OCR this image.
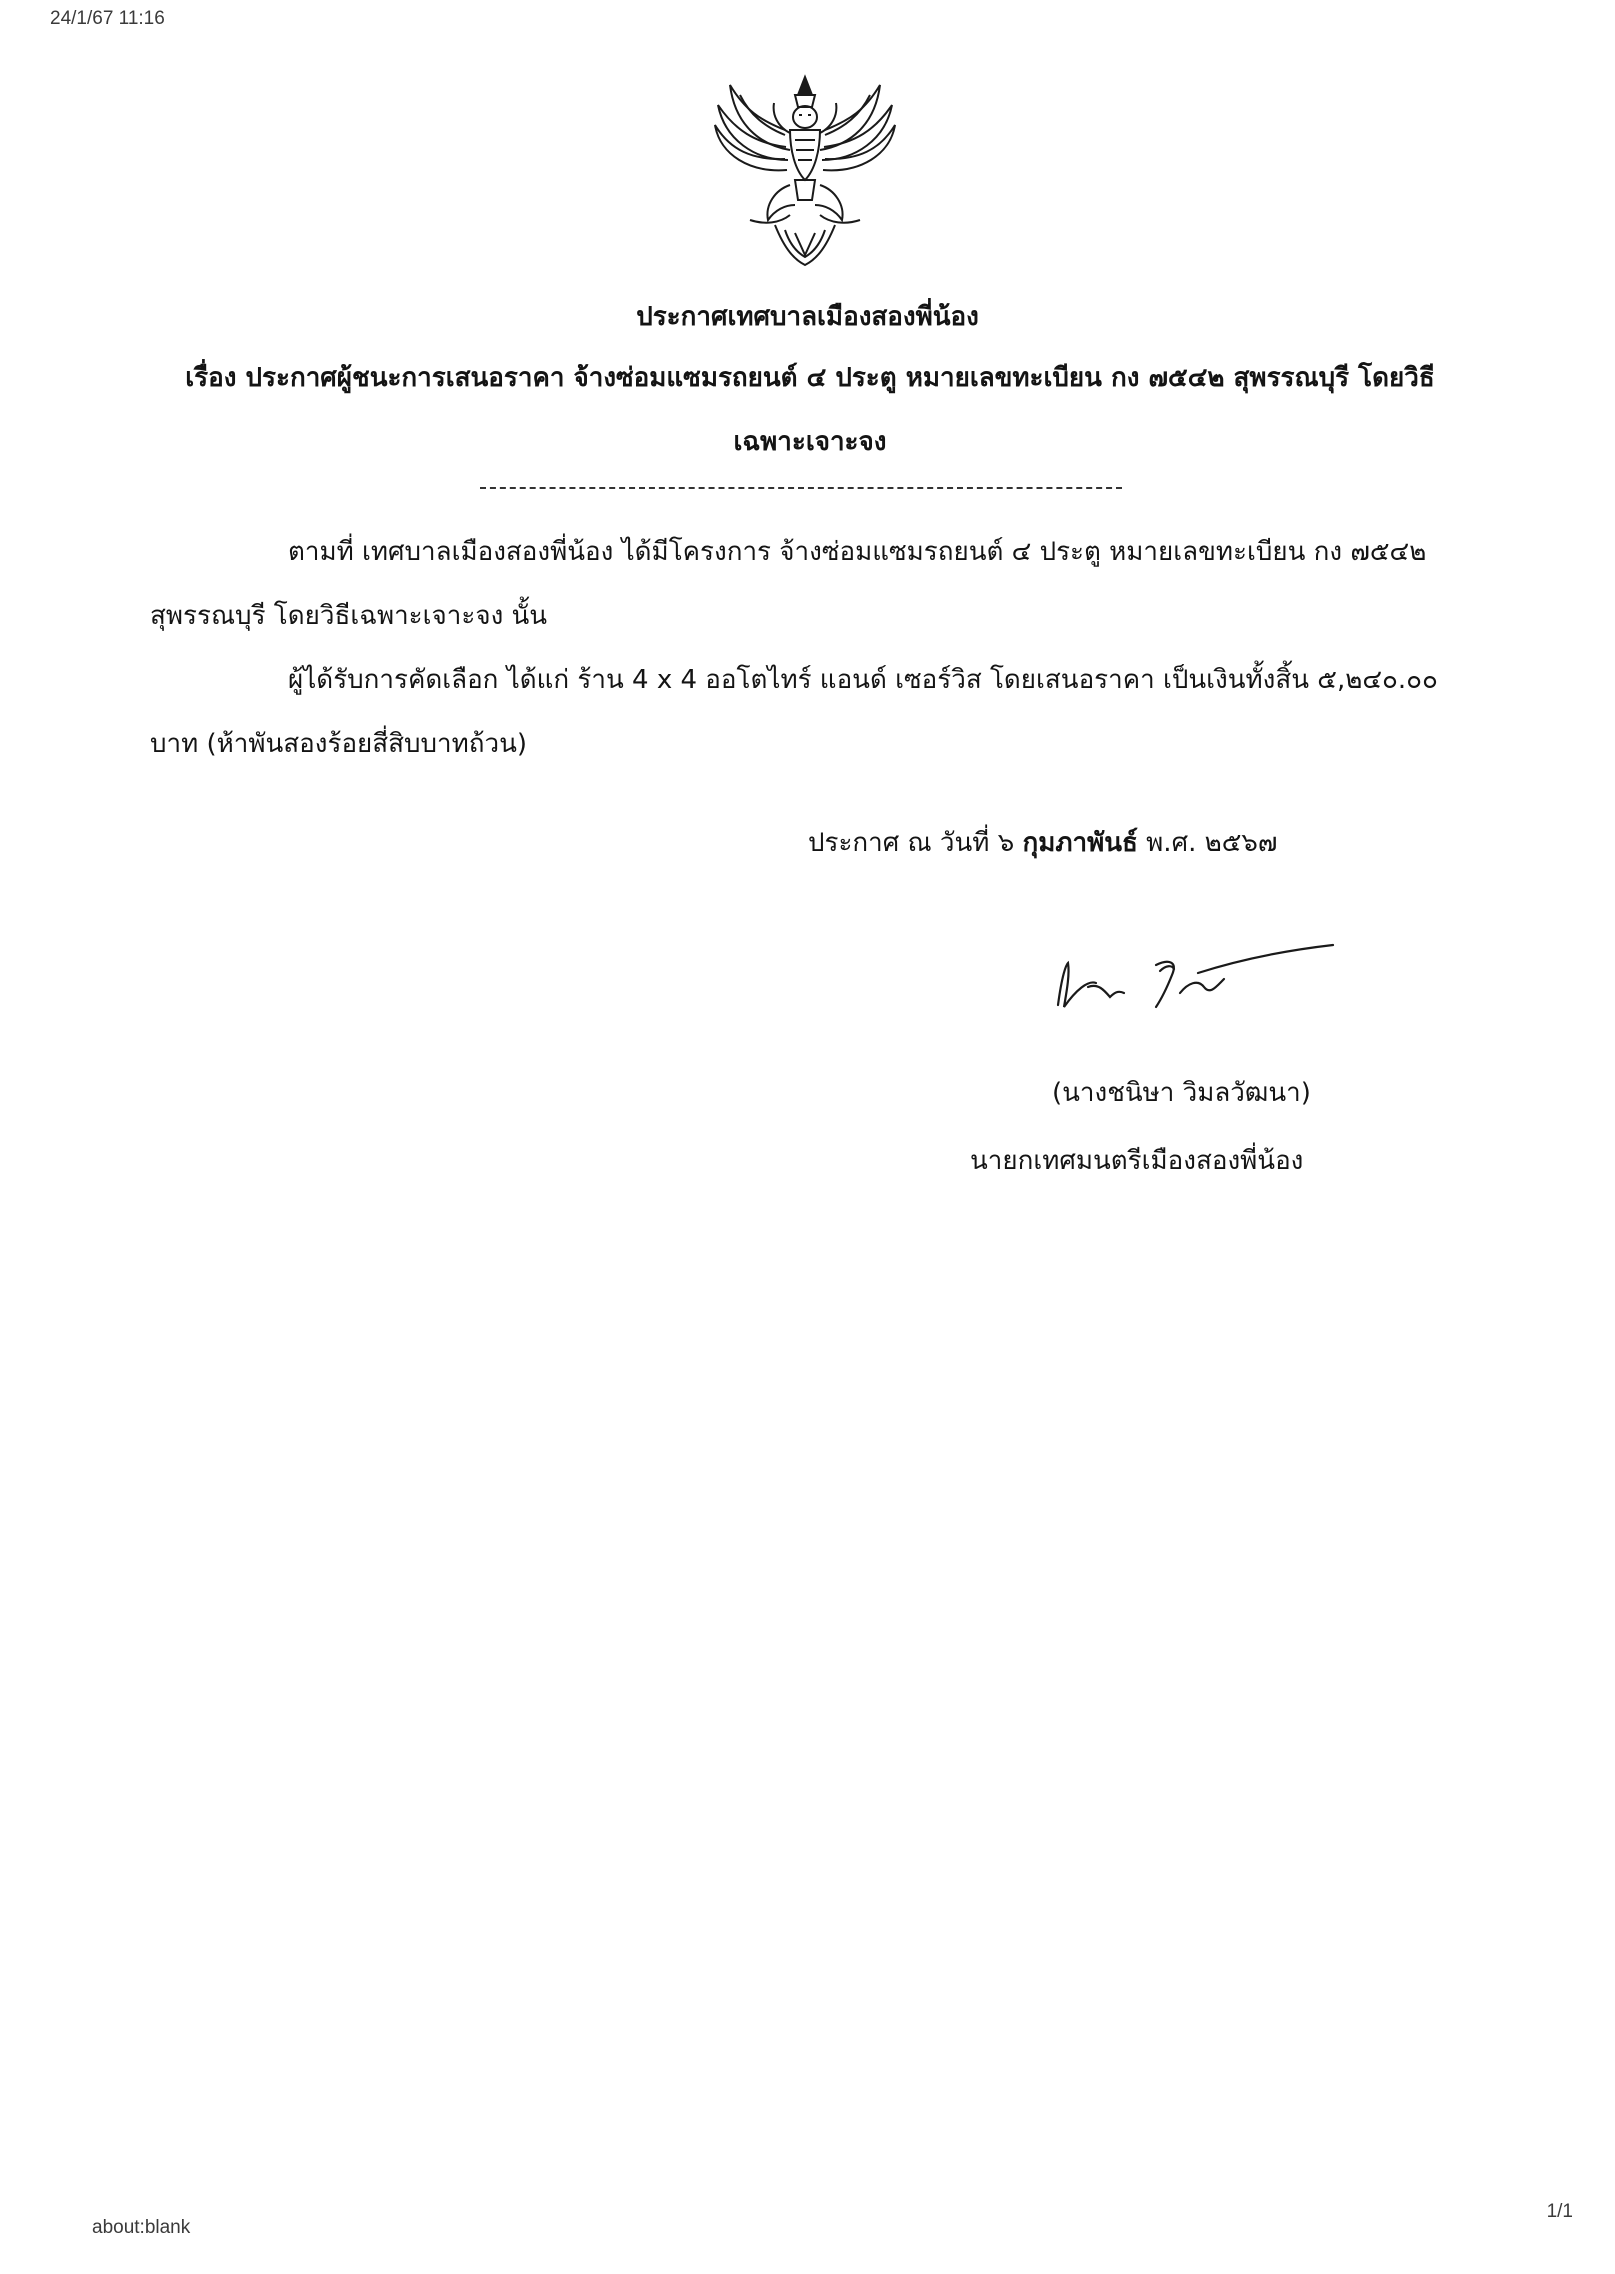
24/1/67 11:16
ประกาศเทศบาลเมืองสองพี่น้อง
เรื่อง ประกาศผู้ชนะการเสนอราคา จ้างซ่อมแซมรถยนต์ ๔ ประตู หมายเลขทะเบียน กง ๗๕๔๒ สุพรรณบุรี โดยวิธีเฉพาะเจาะจง
ตามที่ เทศบาลเมืองสองพี่น้อง ได้มีโครงการ จ้างซ่อมแซมรถยนต์ ๔ ประตู หมายเลขทะเบียน กง ๗๕๔๒ สุพรรณบุรี โดยวิธีเฉพาะเจาะจง นั้น
ผู้ได้รับการคัดเลือก ได้แก่ ร้าน 4 x 4 ออโตไทร์ แอนด์ เซอร์วิส โดยเสนอราคา เป็นเงินทั้งสิ้น ๕,๒๔๐.๐๐ บาท (ห้าพันสองร้อยสี่สิบบาทถ้วน)
ประกาศ ณ วันที่ ๖ กุมภาพันธ์ พ.ศ. ๒๕๖๗
(นางชนิษา วิมลวัฒนา)
นายกเทศมนตรีเมืองสองพี่น้อง
about:blank
1/1
